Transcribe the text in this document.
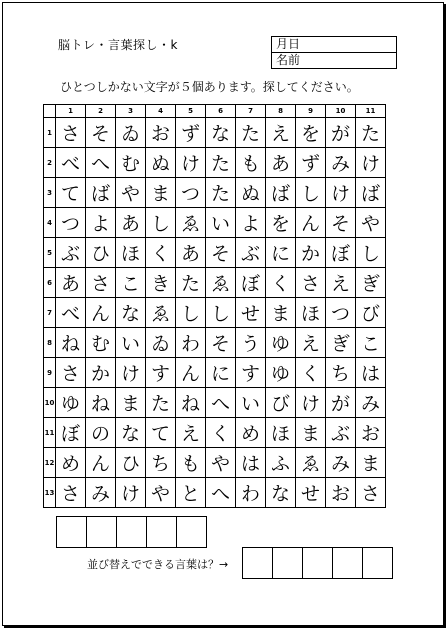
脳トレ・言葉探し・k	月日
名前
ひとつしかない文字が５個あります。探してください。
	1	2	3	4	5	6	7	8	9	10	11
1	さ	そ	ゐ	お	ず	な	た	え	を	が	た
2	べ	へ	む	ぬ	け	た	も	あ	ず	み	け
3	て	ば	や	ま	つ	た	ぬ	ば	し	け	ば
4	つ	よ	あ	し	ゑ	い	よ	を	ん	そ	や
5	ぶ	ひ	ほ	く	あ	そ	ぶ	に	か	ぼ	し
6	あ	さ	こ	き	た	ゑ	ぼ	く	さ	え	ぎ
7	べ	ん	な	ゑ	し	し	せ	ま	ほ	つ	び
8	ね	む	い	ゐ	わ	そ	う	ゆ	え	ぎ	こ
9	さ	か	け	す	ん	に	す	ゆ	く	ち	は
10	ゆ	ね	ま	た	ね	へ	い	び	け	が	み
11	ぼ	の	な	て	え	く	め	ほ	ま	ぶ	お
12	め	ん	ひ	ち	も	や	は	ふ	ゑ	み	ま
13	さ	み	け	や	と	へ	わ	な	せ	お	さ
並び替えでできる言葉は？→
